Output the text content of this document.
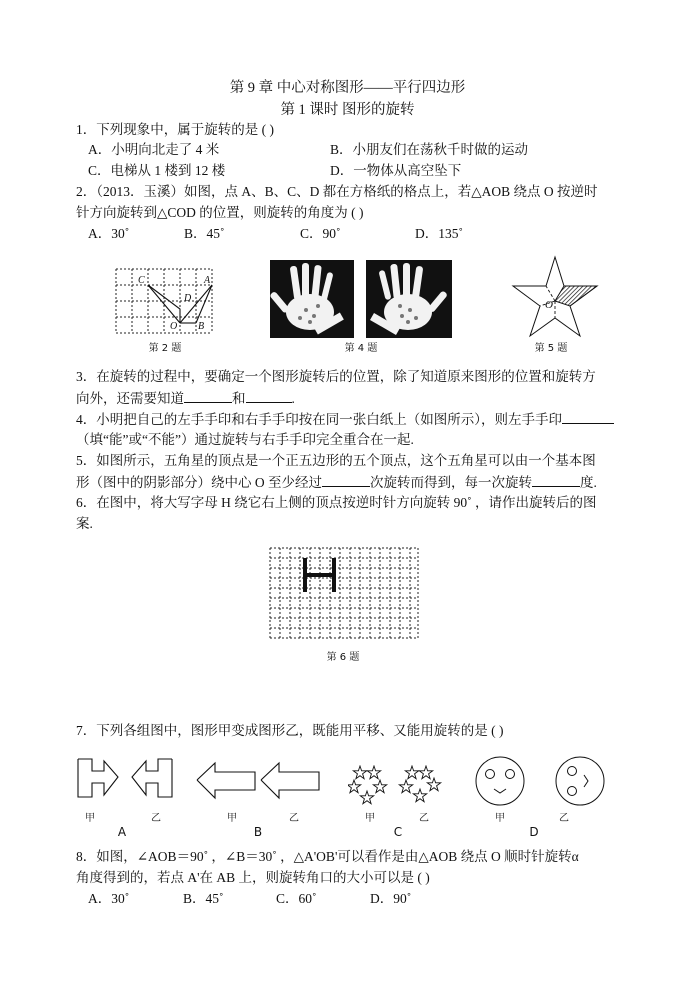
第 9 章 中心对称图形——平行四边形
第 1 课时 图形的旋转
1．下列现象中，属于旋转的是 ( )
A．小明向北走了 4 米	B．小朋友们在荡秋千时做的运动
C．电梯从 1 楼到 12 楼	D．一物体从高空坠下
2．（2013．玉溪）如图，点 A、B、C、D 都在方格纸的格点上，若△AOB 绕点 O 按逆时
针方向旋转到△COD 的位置，则旋转的角度为 ( )
A．30˚	B．45˚	C．90˚	D．135˚
C	A
D
O B
第 2 题	第 4 题
O
第 5 题
3．在旋转的过程中，要确定一个图形旋转后的位置，除了知道原来图形的位置和旋转方
向外，还需要知道	和	.
4．小明把自己的左手手印和右手手印按在同一张白纸上（如图所示），则左手手印
（填“能”或“不能”）通过旋转与右手手印完全重合在一起.
5．如图所示，五角星的顶点是一个正五边形的五个顶点，这个五角星可以由一个基本图
形（图中的阴影部分）绕中心 O 至少经过	次旋转而得到，每一次旋转	度.
6．在图中，将大写字母 H 绕它右上侧的顶点按逆时针方向旋转 90˚ ，请作出旋转后的图
案.
第 6 题
7．下列各组图中，图形甲变成图形乙，既能用平移、又能用旋转的是 ( )
甲	乙
A
甲	乙
B
甲	乙
C
甲	乙
D
8．如图，∠AOB＝90˚ ，∠B＝30˚ ，△A'OB'可以看作是由△AOB 绕点 O 顺时针旋转α
角度得到的，若点 A'在 AB 上，则旋转角口的大小可以是 ( )
A．30˚	B．45˚	C．60˚	D．90˚
